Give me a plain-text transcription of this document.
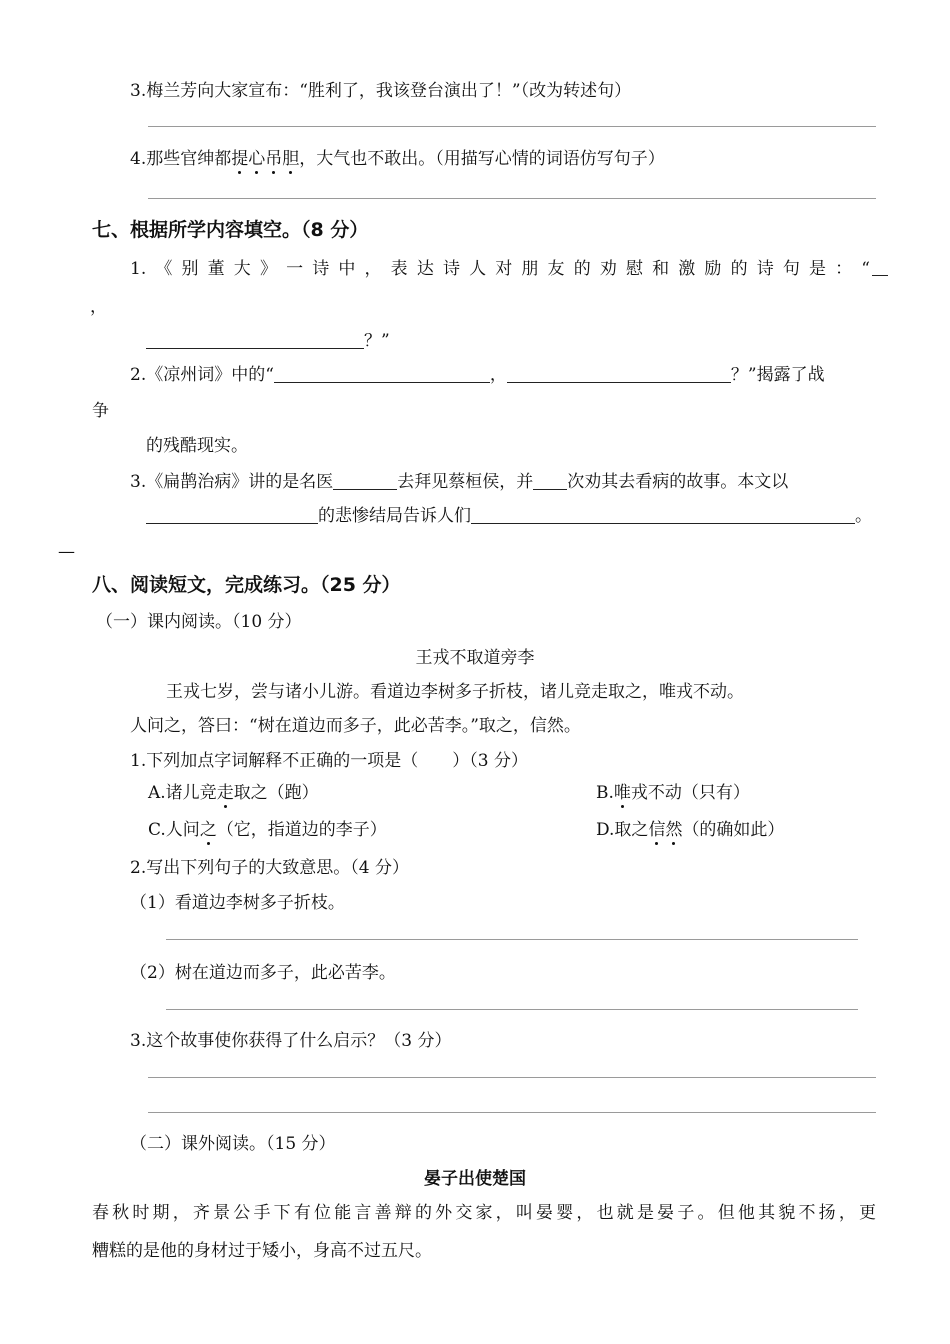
3.梅兰芳向大家宣布：“胜利了，我该登台演出了！”（改为转述句）
4.那些官绅都提心吊胆，大气也不敢出。（用描写心情的词语仿写句子）
七、根据所学内容填空。（8 分）
1.《别董大》一诗中，表达诗人对朋友的劝慰和激励的诗句是：“
，
？”
2.《凉州词》中的“	，	？”揭露了战
争
的残酷现实。
3.《扁鹊治病》讲的是名医	去拜见蔡桓侯，并 次劝其去看病的故事。本文以
的悲惨结局告诉人们	。
—
八、阅读短文，完成练习。（25 分）
（一）课内阅读。（10 分）
王戎不取道旁李
王戎七岁，尝与诸小儿游。看道边李树多子折枝，诸儿竞走取之，唯戎不动。
人问之，答曰：“树在道边而多子，此必苦李。”取之，信然。
1.下列加点字词解释不正确的一项是（　　）（3 分）
A.诸儿竞走取之（跑）	B.唯戎不动（只有）
C.人问之（它，指道边的李子）	D.取之信然（的确如此）
2.写出下列句子的大致意思。（4 分）
（1）看道边李树多子折枝。
（2）树在道边而多子，此必苦李。
3.这个故事使你获得了什么启示？（3 分）
（二）课外阅读。（15 分）
晏子出使楚国
春秋时期，齐景公手下有位能言善辩的外交家，叫晏婴，也就是晏子。但他其貌不扬，更
糟糕的是他的身材过于矮小，身高不过五尺。
